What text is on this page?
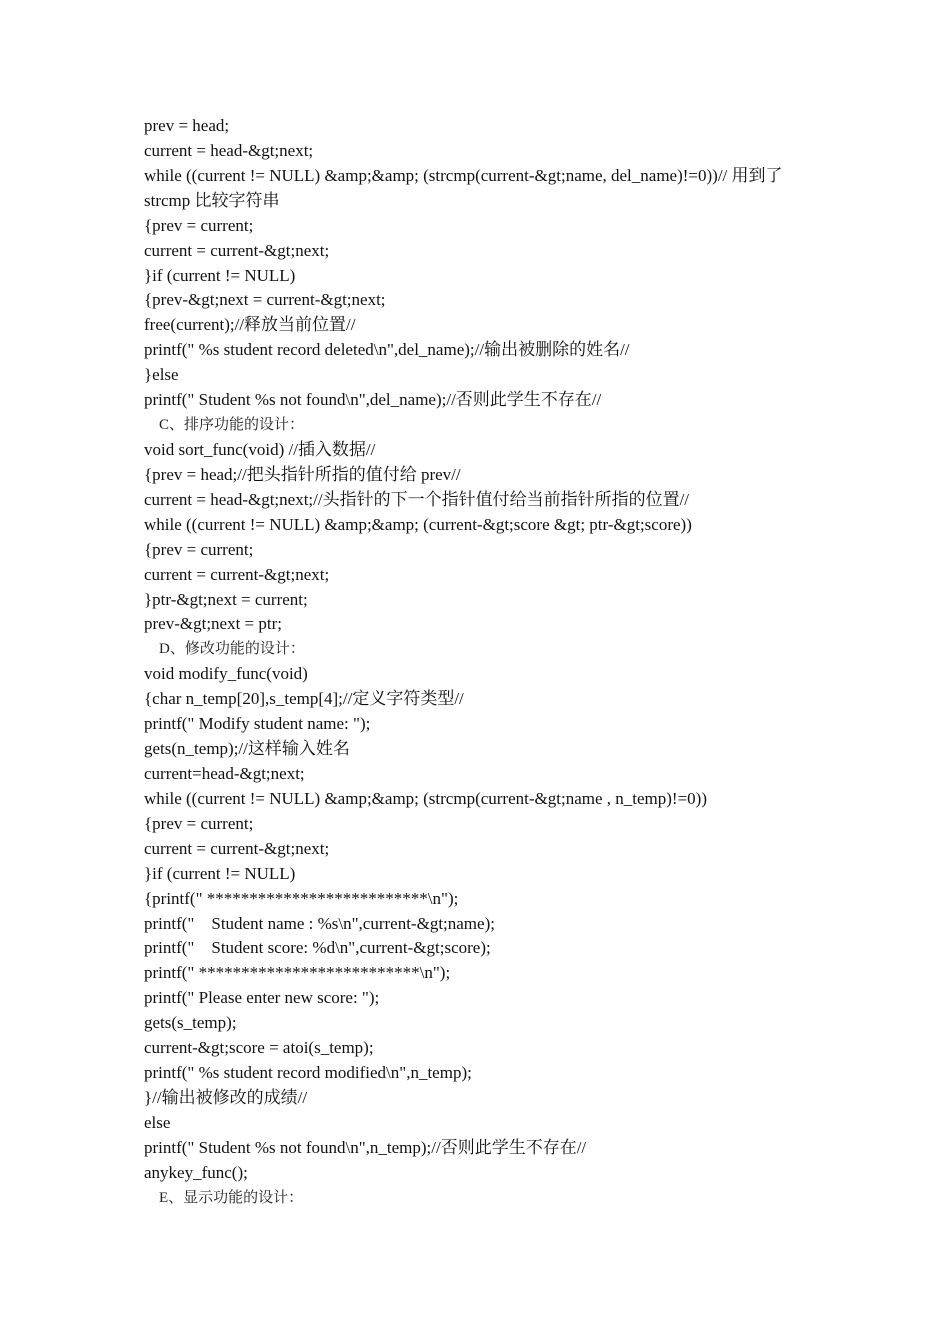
prev = head;
current = head-&gt;next;
while ((current != NULL) &amp;&amp; (strcmp(current-&gt;name, del_name)!=0))// 用到了
strcmp 比较字符串
{prev = current;
current = current-&gt;next;
}if (current != NULL)
{prev-&gt;next = current-&gt;next;
free(current);//释放当前位置//
printf(" %s student record deleted\n",del_name);//输出被删除的姓名//
}else
printf(" Student %s not found\n",del_name);//否则此学生不存在//
C、排序功能的设计：
void sort_func(void) //插入数据//
{prev = head;//把头指针所指的值付给 prev//
current = head-&gt;next;//头指针的下一个指针值付给当前指针所指的位置//
while ((current != NULL) &amp;&amp; (current-&gt;score &gt; ptr-&gt;score))
{prev = current;
current = current-&gt;next;
}ptr-&gt;next = current;
prev-&gt;next = ptr;
D、修改功能的设计：
void modify_func(void)
{char n_temp[20],s_temp[4];//定义字符类型//
printf(" Modify student name: ");
gets(n_temp);//这样输入姓名
current=head-&gt;next;
while ((current != NULL) &amp;&amp; (strcmp(current-&gt;name , n_temp)!=0))
{prev = current;
current = current-&gt;next;
}if (current != NULL)
{printf(" **************************\n");
printf("    Student name : %s\n",current-&gt;name);
printf("    Student score: %d\n",current-&gt;score);
printf(" **************************\n");
printf(" Please enter new score: ");
gets(s_temp);
current-&gt;score = atoi(s_temp);
printf(" %s student record modified\n",n_temp);
}//输出被修改的成绩//
else
printf(" Student %s not found\n",n_temp);//否则此学生不存在//
anykey_func();
E、显示功能的设计：
